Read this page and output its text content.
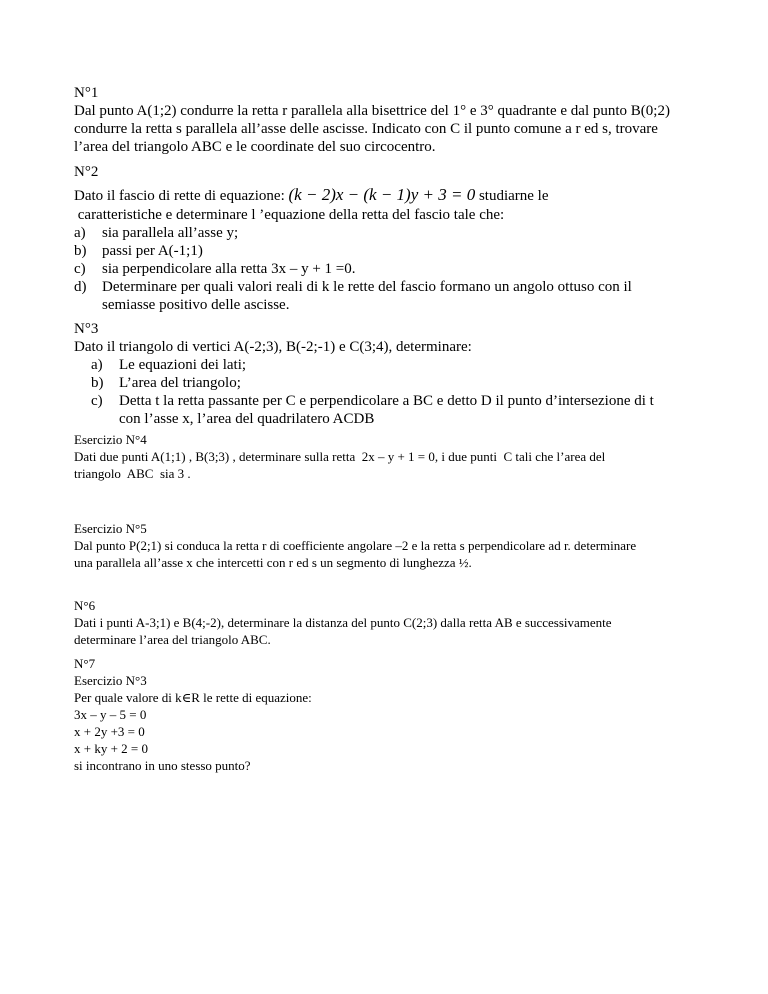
N°1
Dal punto A(1;2) condurre la retta r parallela alla bisettrice del 1° e 3° quadrante e dal punto B(0;2)
condurre la retta s parallela all’asse delle ascisse. Indicato con C il punto comune a r ed s, trovare
l’area del triangolo ABC e le coordinate del suo circocentro.
N°2
Dato il fascio di rette di equazione: (k − 2)x − (k − 1)y + 3 = 0 studiarne le
caratteristiche e determinare l ’equazione della retta del fascio tale che:
a) sia parallela all’asse y;
b) passi per A(-1;1)
c) sia perpendicolare alla retta 3x – y + 1 =0.
d) Determinare per quali valori reali di k le rette del fascio formano un angolo ottuso con il
semiasse positivo delle ascisse.
N°3
Dato il triangolo di vertici A(-2;3), B(-2;-1) e C(3;4), determinare:
a) Le equazioni dei lati;
b) L’area del triangolo;
c) Detta t la retta passante per C e perpendicolare a BC e detto D il punto d’intersezione di t
con l’asse x, l’area del quadrilatero ACDB
Esercizio N°4
Dati due punti A(1;1) , B(3;3) , determinare sulla retta  2x – y + 1 = 0, i due punti  C tali che l’area del
triangolo  ABC  sia 3 .
Esercizio N°5
Dal punto P(2;1) si conduca la retta r di coefficiente angolare –2 e la retta s perpendicolare ad r. determinare
una parallela all’asse x che intercetti con r ed s un segmento di lunghezza ½.
N°6
Dati i punti A-3;1) e B(4;-2), determinare la distanza del punto C(2;3) dalla retta AB e successivamente
determinare l’area del triangolo ABC.
N°7
Esercizio N°3
Per quale valore di k∈R le rette di equazione:
3x – y – 5 = 0
x + 2y +3 = 0
x + ky + 2 = 0
si incontrano in uno stesso punto?
